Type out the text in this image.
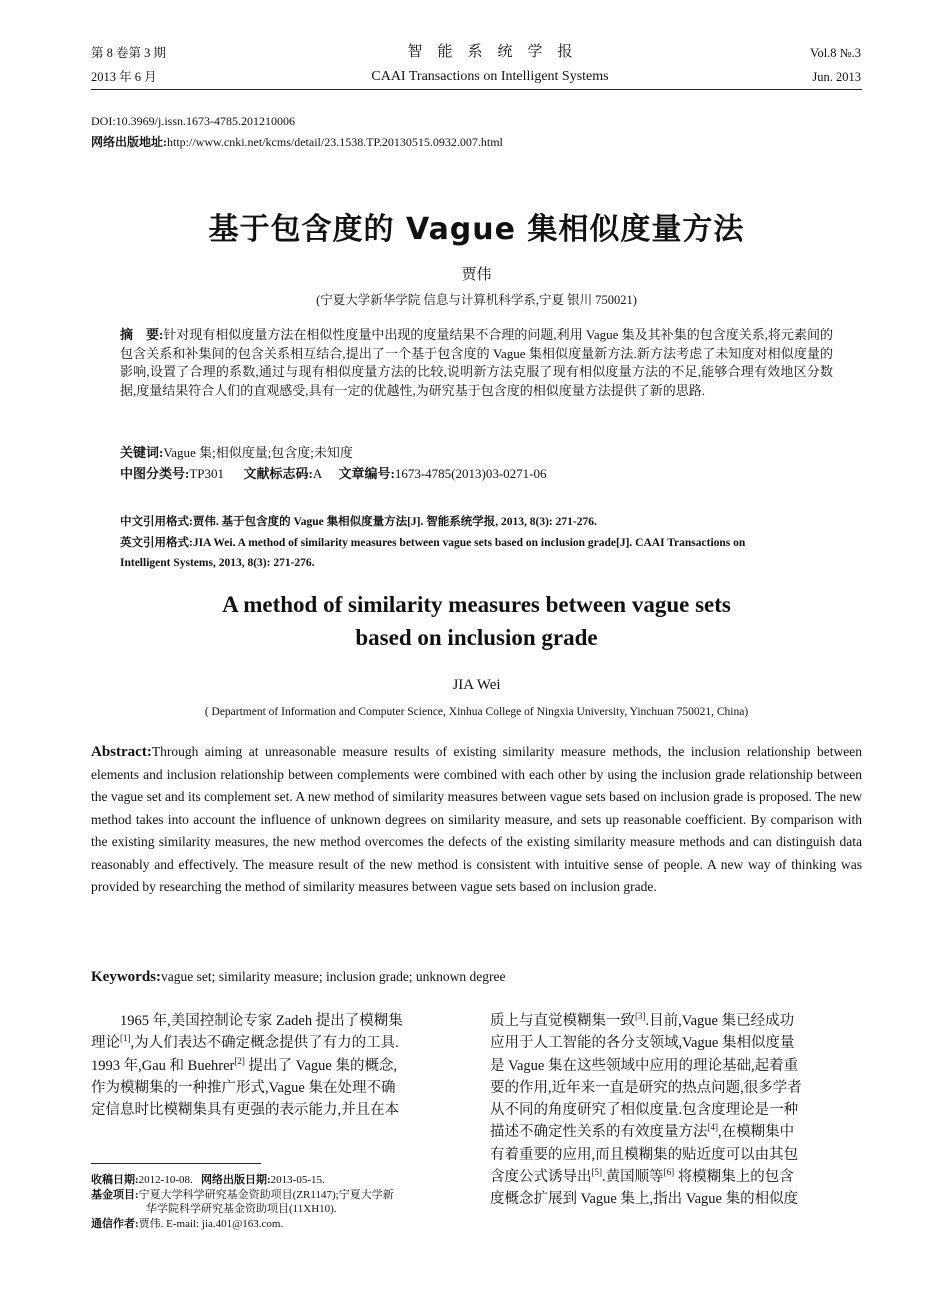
第 8 卷第 3 期
2013 年 6 月
智　能　系　统　学　报
CAAI Transactions on Intelligent Systems
Vol.8 №.3
Jun. 2013
DOI:10.3969/j.issn.1673-4785.201210006
网络出版地址:http://www.cnki.net/kcms/detail/23.1538.TP.20130515.0932.007.html
基于包含度的 Vague 集相似度量方法
贾伟
(宁夏大学新华学院 信息与计算机科学系,宁夏 银川 750021)
摘　要:针对现有相似度量方法在相似性度量中出现的度量结果不合理的问题,利用 Vague 集及其补集的包含度关系,将元素间的包含关系和补集间的包含关系相互结合,提出了一个基于包含度的 Vague 集相似度量新方法.新方法考虑了未知度对相似度量的影响,设置了合理的系数,通过与现有相似度量方法的比较,说明新方法克服了现有相似度量方法的不足,能够合理有效地区分数据,度量结果符合人们的直观感受,具有一定的优越性,为研究基于包含度的相似度量方法提供了新的思路.
关键词:Vague 集;相似度量;包含度;未知度
中图分类号:TP301 文献标志码:A 文章编号:1673-4785(2013)03-0271-06
中文引用格式:贾伟. 基于包含度的 Vague 集相似度量方法[J]. 智能系统学报, 2013, 8(3): 271-276.
英文引用格式:JIA Wei. A method of similarity measures between vague sets based on inclusion grade[J]. CAAI Transactions on
Intelligent Systems, 2013, 8(3): 271-276.
A method of similarity measures between vague sets
based on inclusion grade
JIA Wei
( Department of Information and Computer Science, Xinhua College of Ningxia University, Yinchuan 750021, China)
Abstract:Through aiming at unreasonable measure results of existing similarity measure methods, the inclusion relationship between elements and inclusion relationship between complements were combined with each other by using the inclusion grade relationship between the vague set and its complement set. A new method of similarity measures between vague sets based on inclusion grade is proposed. The new method takes into account the influence of unknown degrees on similarity measure, and sets up reasonable coefficient. By comparison with the existing similarity measures, the new method overcomes the defects of the existing similarity measure methods and can distinguish data reasonably and effectively. The measure result of the new method is consistent with intuitive sense of people. A new way of thinking was provided by researching the method of similarity measures between vague sets based on inclusion grade.
Keywords:vague set; similarity measure; inclusion grade; unknown degree
　　1965 年,美国控制论专家 Zadeh 提出了模糊集
理论[1],为人们表达不确定概念提供了有力的工具.
1993 年,Gau 和 Buehrer[2] 提出了 Vague 集的概念,
作为模糊集的一种推广形式,Vague 集在处理不确
定信息时比模糊集具有更强的表示能力,并且在本
质上与直觉模糊集一致[3].目前,Vague 集已经成功
应用于人工智能的各分支领域,Vague 集相似度量
是 Vague 集在这些领域中应用的理论基础,起着重
要的作用,近年来一直是研究的热点问题,很多学者
从不同的角度研究了相似度量.包含度理论是一种
描述不确定性关系的有效度量方法[4],在模糊集中
有着重要的应用,而且模糊集的贴近度可以由其包
含度公式诱导出[5].黄国顺等[6] 将模糊集上的包含
度概念扩展到 Vague 集上,指出 Vague 集的相似度
收稿日期:2012-10-08. 网络出版日期:2013-05-15.
基金项目:宁夏大学科学研究基金资助项目(ZR1147);宁夏大学新
华学院科学研究基金资助项目(11XH10).
通信作者:贾伟. E-mail: jia.401@163.com.
